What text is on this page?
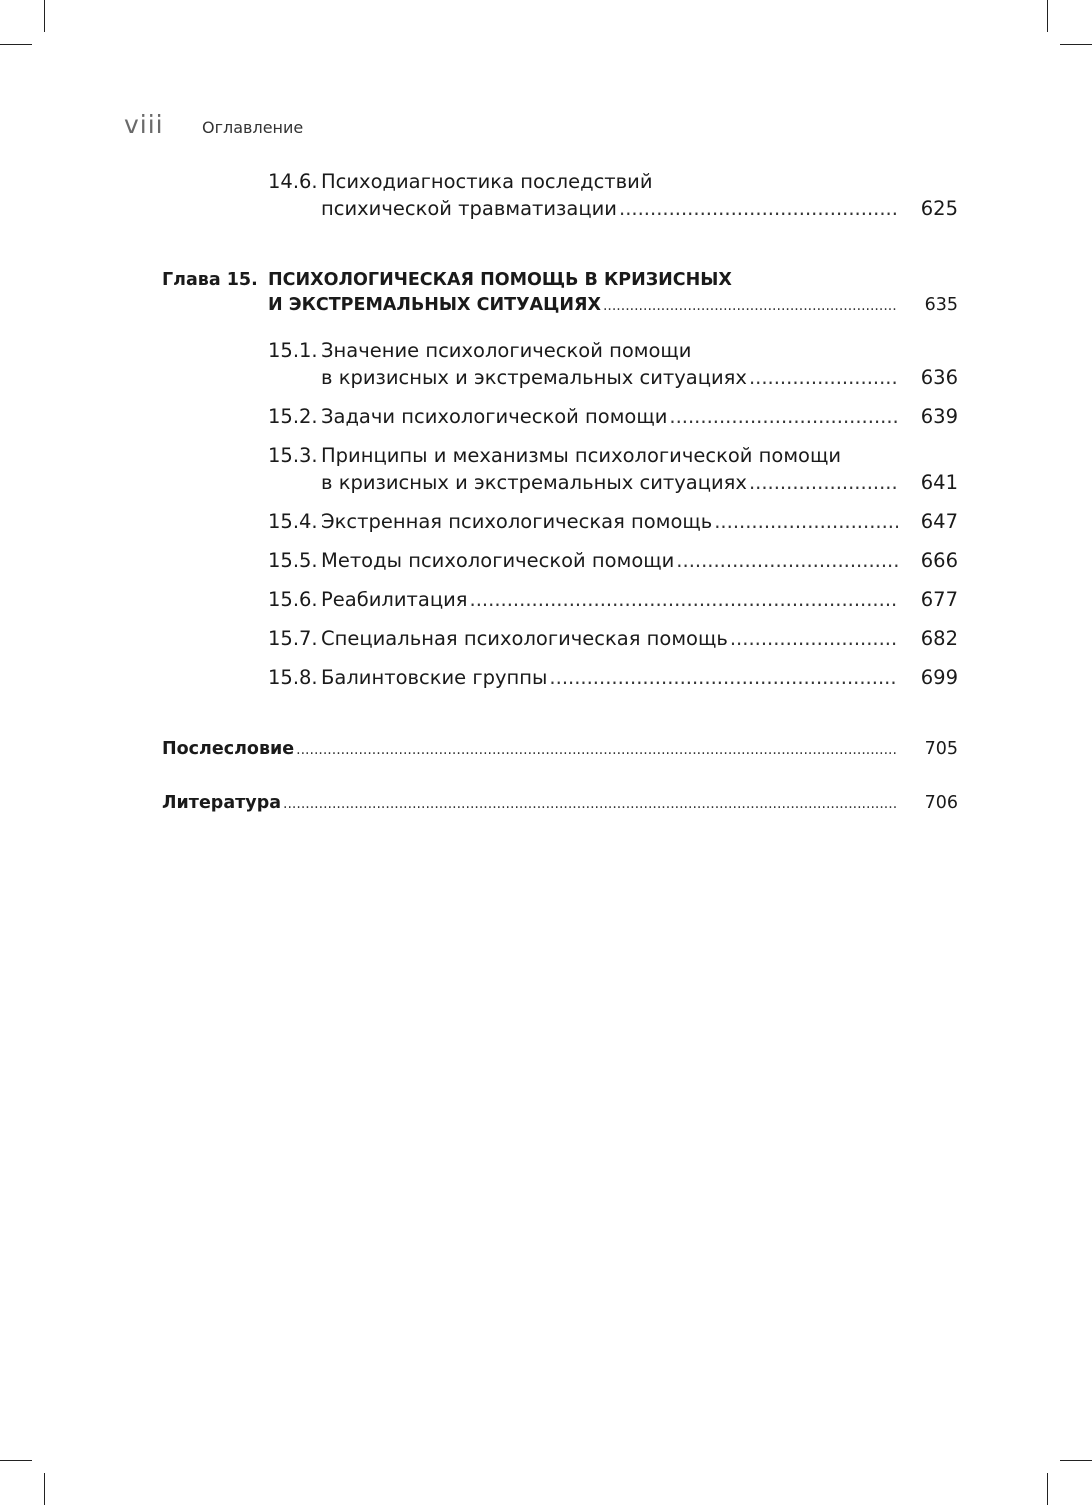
viii	Оглавление
14.6. Психодиагностика последствий
психической травматизации .....	625
Глава 15. ПСИХОЛОГИЧЕСКАЯ ПОМОЩЬ В КРИЗИСНЫХ
И ЭКСТРЕМАЛЬНЫХ СИТУАЦИЯХ .....	635
15.1. Значение психологической помощи
в кризисных и экстремальных ситуациях .....	636
15.2. Задачи психологической помощи .....	639
15.3. Принципы и механизмы психологической помощи
в кризисных и экстремальных ситуациях .....	641
15.4. Экстренная психологическая помощь .....	647
15.5. Методы психологической помощи .....	666
15.6. Реабилитация .....	677
15.7. Специальная психологическая помощь .....	682
15.8. Балинтовские группы .....	699
Послесловие .....	705
Литература .....	706
